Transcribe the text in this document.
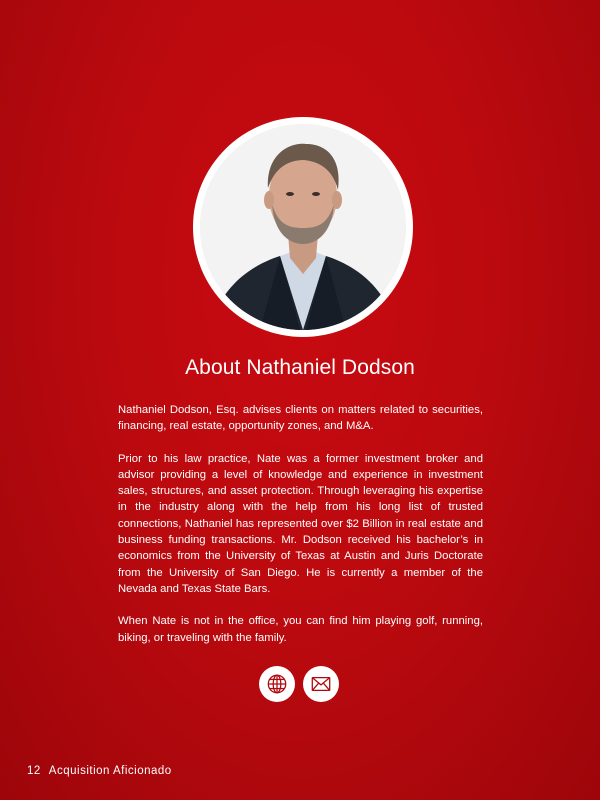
About Nathaniel Dodson

Nathaniel Dodson, Esq. advises clients on matters related to securities, financing, real estate, opportunity zones, and M&A.

Prior to his law practice, Nate was a former investment broker and advisor providing a level of knowledge and experience in investment sales, structures, and asset protection. Through leveraging his expertise in the industry along with the help from his long list of trusted connections, Nathaniel has represented over $2 Billion in real estate and business funding transactions. Mr. Dodson received his bachelor’s in economics from the University of Texas at Austin and Juris Doctorate from the University of San Diego. He is currently a member of the Nevada and Texas State Bars.

When Nate is not in the office, you can find him playing golf, running, biking, or traveling with the family.

12 Acquisition Aficionado
